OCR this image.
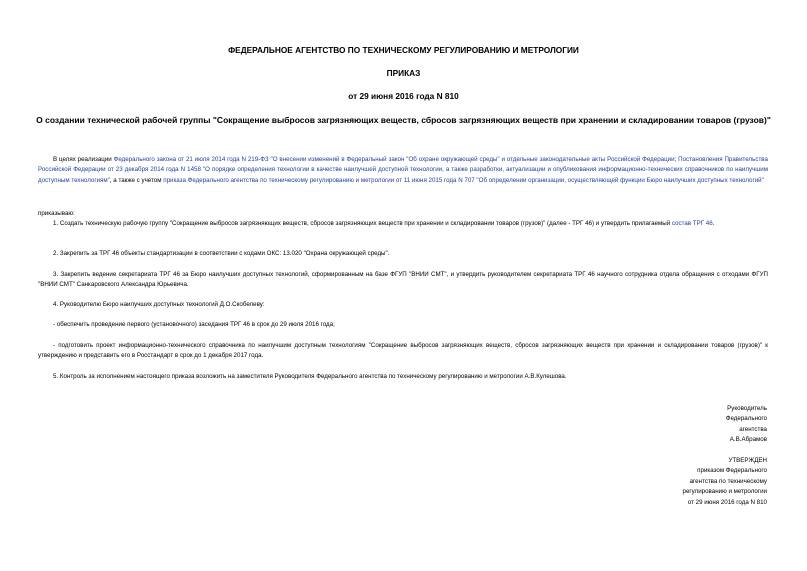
ФЕДЕРАЛЬНОЕ АГЕНТСТВО ПО ТЕХНИЧЕСКОМУ РЕГУЛИРОВАНИЮ И МЕТРОЛОГИИ
ПРИКАЗ
от 29 июня 2016 года N 810
О создании технической рабочей группы "Сокращение выбросов загрязняющих веществ, сбросов загрязняющих веществ при хранении и складировании товаров (грузов)"
В целях реализации Федерального закона от 21 июля 2014 года N 219-ФЗ "О внесении изменений в Федеральный закон "Об охране окружающей среды" и отдельные законодательные акты Российской Федерации; Постановления Правительства Российской Федерации от 23 декабря 2014 года N 1458 "О порядке определения технологии в качестве наилучшей доступной технологии, а также разработки, актуализации и опубликования информационно-технических справочников по наилучшим доступным технологиям", а также с учетом приказа Федерального агентства по техническому регулированию и метрологии от 11 июня 2015 года N 707 "Об определении организации, осуществляющей функции Бюро наилучших доступных технологий"
приказываю:
1. Создать техническую рабочую группу "Сокращение выбросов загрязняющих веществ, сбросов загрязняющих веществ при хранении и складировании товаров (грузов)" (далее - ТРГ 46) и утвердить прилагаемый состав ТРГ 46.
2. Закрепить за ТРГ 46 объекты стандартизации в соответствии с кодами ОКС: 13.020 "Охрана окружающей среды".
3. Закрепить ведение секретариата ТРГ 46 за Бюро наилучших доступных технологий, сформированным на базе ФГУП "ВНИИ СМТ", и утвердить руководителем секретариата ТРГ 46 научного сотрудника отдела обращения с отходами ФГУП "ВНИИ СМТ" Санкаровского Александра Юрьевича.
4. Руководителю Бюро наилучших доступных технологий Д.О.Скобелеву:
- обеспечить проведение первого (установочного) заседания ТРГ 46 в срок до 29 июля 2016 года;
- подготовить проект информационно-технического справочника по наилучшим доступным технологиям "Сокращение выбросов загрязняющих веществ, сбросов загрязняющих веществ при хранении и складировании товаров (грузов)" к утверждению и представить его в Росстандарт в срок до 1 декабря 2017 года.
5. Контроль за исполнением настоящего приказа возложить на заместителя Руководителя Федерального агентства по техническому регулированию и метрологии А.В.Кулешова.
Руководитель
Федерального
агентства
А.В.Абрамов
УТВЕРЖДЕН
приказом Федерального
агентства по техническому
регулированию и метрологии
от 29 июня 2016 года N 810
